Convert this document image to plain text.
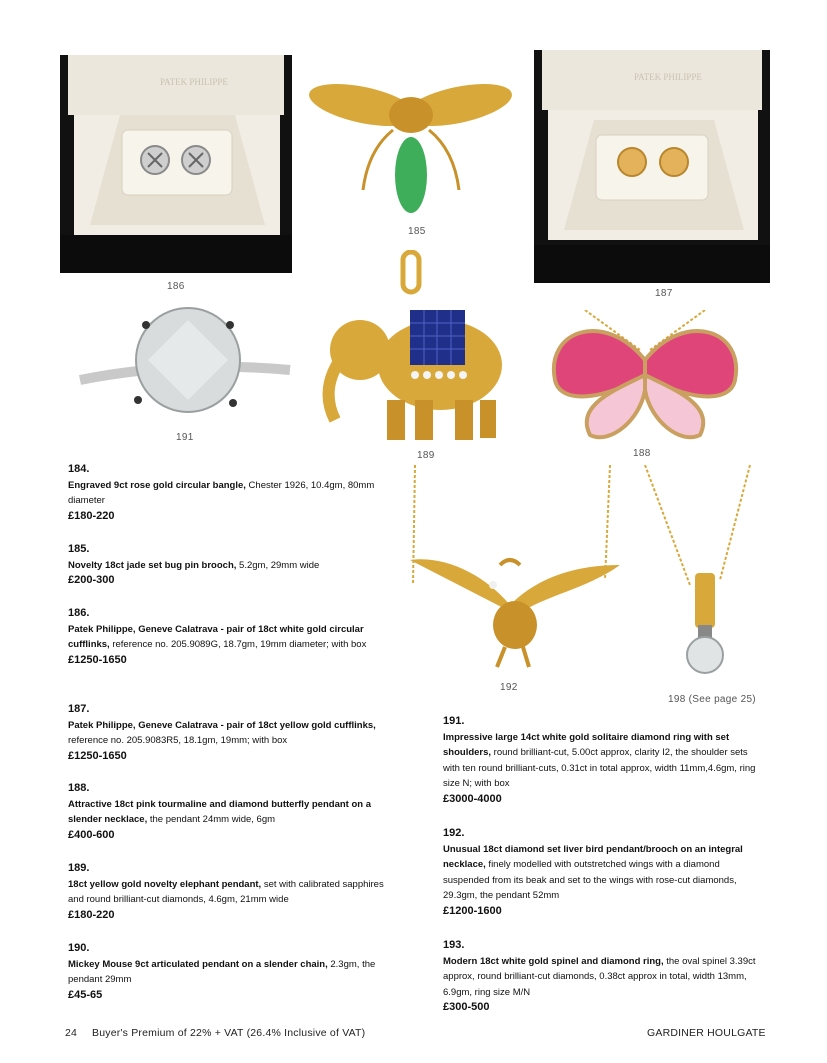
PATEK PHILIPPE
186
185
PATEK PHILIPPE
187
191
189	188
192
198 (See page 25)
184.
Engraved 9ct rose gold circular bangle, Chester 1926, 10.4gm, 80mm diameter
£180-220
185.
Novelty 18ct jade set bug pin brooch, 5.2gm, 29mm wide
£200-300
186.
Patek Philippe, Geneve Calatrava - pair of 18ct white gold circular cufflinks, reference no. 205.9089G, 18.7gm, 19mm diameter; with box
£1250-1650
187.
Patek Philippe, Geneve Calatrava - pair of 18ct yellow gold cufflinks, reference no. 205.9083R5, 18.1gm, 19mm; with box
£1250-1650
188.
Attractive 18ct pink tourmaline and diamond butterfly pendant on a slender necklace, the pendant 24mm wide, 6gm
£400-600
189.
18ct yellow gold novelty elephant pendant, set with calibrated sapphires and round brilliant-cut diamonds, 4.6gm, 21mm wide
£180-220
190.
Mickey Mouse 9ct articulated pendant on a slender chain, 2.3gm, the pendant 29mm
£45-65
191.
Impressive large 14ct white gold solitaire diamond ring with set shoulders, round brilliant-cut, 5.00ct approx, clarity I2, the shoulder sets with ten round brilliant-cuts, 0.31ct in total approx, width 11mm,4.6gm, ring size N; with box
£3000-4000
192.
Unusual 18ct diamond set liver bird pendant/brooch on an integral necklace, finely modelled with outstretched wings with a diamond suspended from its beak and set to the wings with rose-cut diamonds, 29.3gm, the pendant 52mm
£1200-1600
193.
Modern 18ct white gold spinel and diamond ring, the oval spinel 3.39ct approx, round brilliant-cut diamonds, 0.38ct approx in total, width 13mm, 6.9gm, ring size M/N
£300-500
24 Buyer's Premium of 22% + VAT (26.4% Inclusive of VAT)	GARDINER HOULGATE
